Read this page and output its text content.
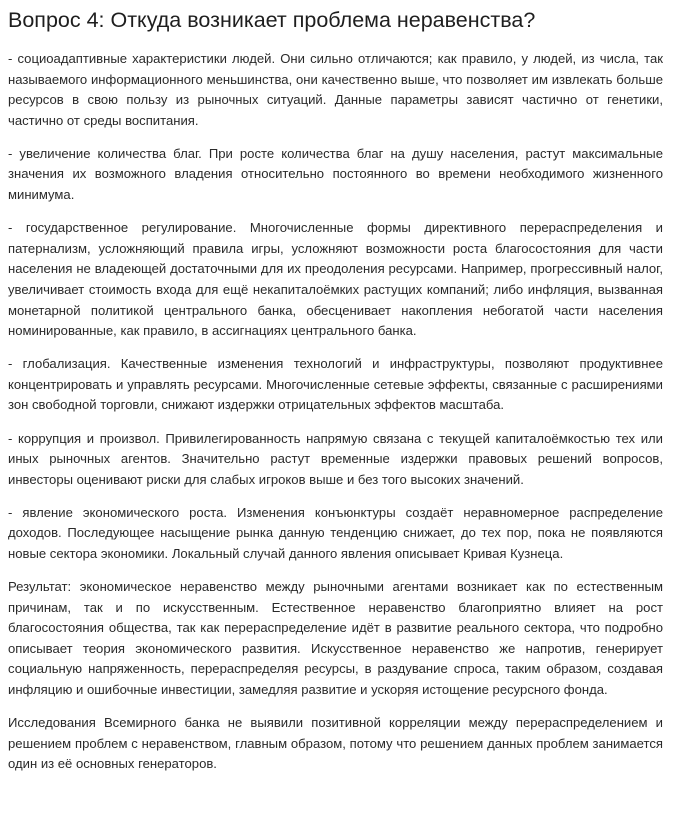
Вопрос 4: Откуда возникает проблема неравенства?
- социоадаптивные характеристики людей. Они сильно отличаются; как правило, у людей, из числа, так называемого информационного меньшинства, они качественно выше, что позволяет им извлекать больше ресурсов в свою пользу из рыночных ситуаций. Данные параметры зависят частично от генетики, частично от среды воспитания.
- увеличение количества благ. При росте количества благ на душу населения, растут максимальные значения их возможного владения относительно постоянного во времени необходимого жизненного минимума.
- государственное регулирование. Многочисленные формы директивного перераспределения и патернализм, усложняющий правила игры, усложняют возможности роста благосостояния для части населения не владеющей достаточными для их преодоления ресурсами. Например, прогрессивный налог, увеличивает стоимость входа для ещё некапиталоёмких растущих компаний; либо инфляция, вызванная монетарной политикой центрального банка, обесценивает накопления небогатой части населения номинированные, как правило, в ассигнациях центрального банка.
- глобализация. Качественные изменения технологий и инфраструктуры, позволяют продуктивнее концентрировать и управлять ресурсами. Многочисленные сетевые эффекты, связанные с расширениями зон свободной торговли, снижают издержки отрицательных эффектов масштаба.
- коррупция и произвол. Привилегированность напрямую связана с текущей капиталоёмкостью тех или иных рыночных агентов. Значительно растут временные издержки правовых решений вопросов, инвесторы оценивают риски для слабых игроков выше и без того высоких значений.
- явление экономического роста. Изменения конъюнктуры создаёт неравномерное распределение доходов. Последующее насыщение рынка данную тенденцию снижает, до тех пор, пока не появляются новые сектора экономики. Локальный случай данного явления описывает Кривая Кузнеца.
Результат: экономическое неравенство между рыночными агентами возникает как по естественным причинам, так и по искусственным. Естественное неравенство благоприятно влияет на рост благосостояния общества, так как перераспределение идёт в развитие реального сектора, что подробно описывает теория экономического развития. Искусственное неравенство же напротив, генерирует социальную напряженность, перераспределяя ресурсы, в раздувание спроса, таким образом, создавая инфляцию и ошибочные инвестиции, замедляя развитие и ускоряя истощение ресурсного фонда.
Исследования Всемирного банка не выявили позитивной корреляции между перераспределением и решением проблем с неравенством, главным образом, потому что решением данных проблем занимается один из её основных генераторов.
